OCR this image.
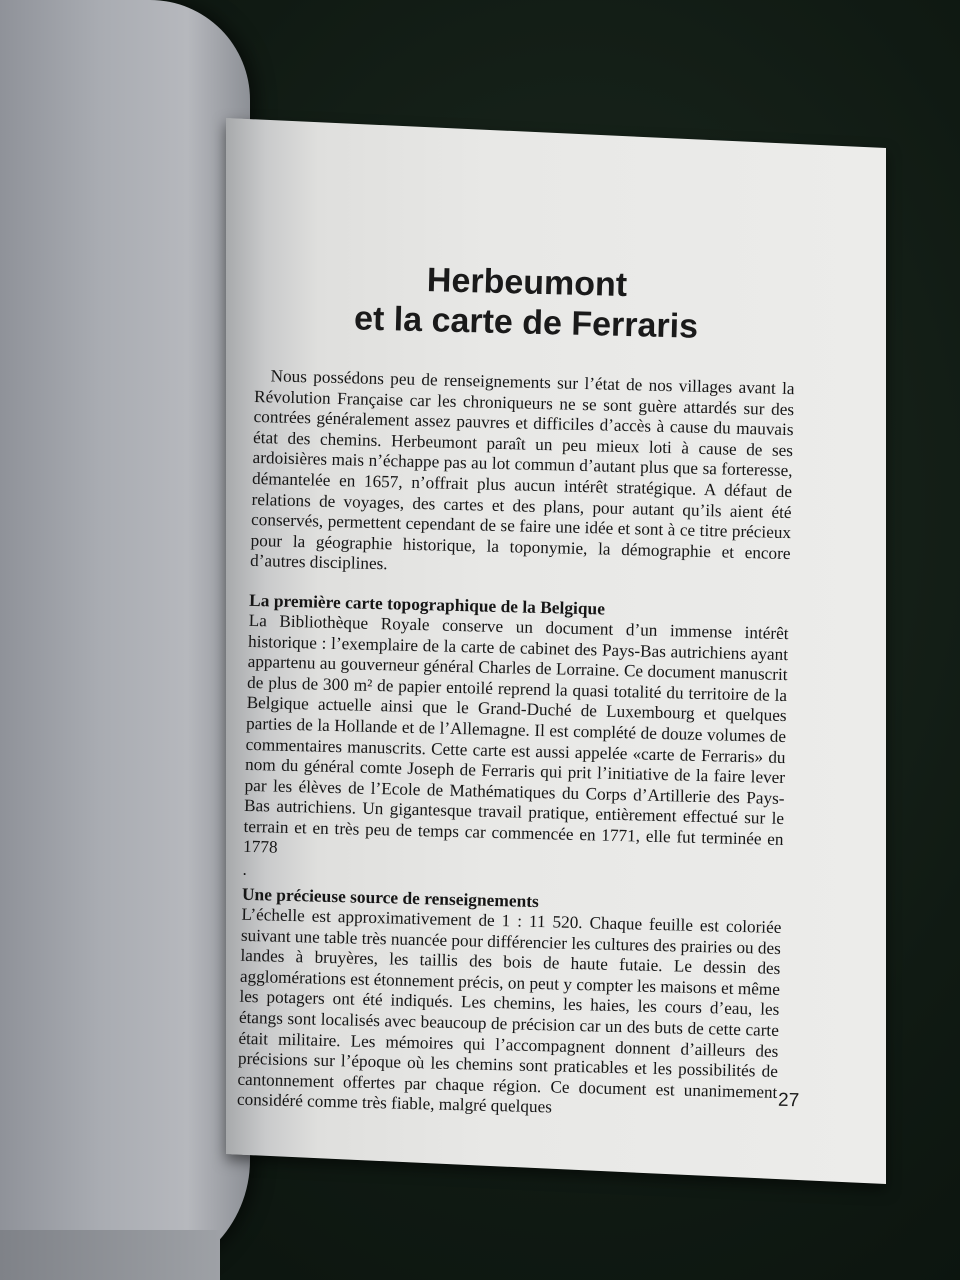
Herbeumont
et la carte de Ferraris

Nous possédons peu de renseignements sur l’état de nos villages avant la Révolution Française car les chroniqueurs ne se sont guère attardés sur des contrées généralement assez pauvres et difficiles d’accès à cause du mauvais état des chemins. Herbeumont paraît un peu mieux loti à cause de ses ardoisières mais n’échappe pas au lot commun d’autant plus que sa forteresse, démantelée en 1657, n’offrait plus aucun intérêt stratégique. A défaut de relations de voyages, des cartes et des plans, pour autant qu’ils aient été conservés, permettent cependant de se faire une idée et sont à ce titre précieux pour la géographie historique, la toponymie, la démographie et encore d’autres disciplines.

La première carte topographique de la Belgique

La Bibliothèque Royale conserve un document d’un immense intérêt historique : l’exemplaire de la carte de cabinet des Pays-Bas autrichiens ayant appartenu au gouverneur général Charles de Lorraine. Ce document manuscrit de plus de 300 m² de papier entoilé reprend la quasi totalité du territoire de la Belgique actuelle ainsi que le Grand-Duché de Luxembourg et quelques parties de la Hollande et de l’Allemagne. Il est complété de douze volumes de commentaires manuscrits. Cette carte est aussi appelée «carte de Ferraris» du nom du général comte Joseph de Ferraris qui prit l’initiative de la faire lever par les élèves de l’Ecole de Mathématiques du Corps d’Artillerie des Pays-Bas autrichiens. Un gigantesque travail pratique, entièrement effectué sur le terrain et en très peu de temps car commencée en 1771, elle fut terminée en 1778

.

Une précieuse source de renseignements

L’échelle est approximativement de 1 : 11 520. Chaque feuille est coloriée suivant une table très nuancée pour différencier les cultures des prairies ou des landes à bruyères, les taillis des bois de haute futaie. Le dessin des agglomérations est étonnement précis, on peut y compter les maisons et même les potagers ont été indiqués. Les chemins, les haies, les cours d’eau, les étangs sont localisés avec beaucoup de précision car un des buts de cette carte était militaire. Les mémoires qui l’accompagnent donnent d’ailleurs des précisions sur l’époque où les chemins sont praticables et les possibilités de cantonnement offertes par chaque région. Ce document est unanimement considéré comme très fiable, malgré quelques	27
